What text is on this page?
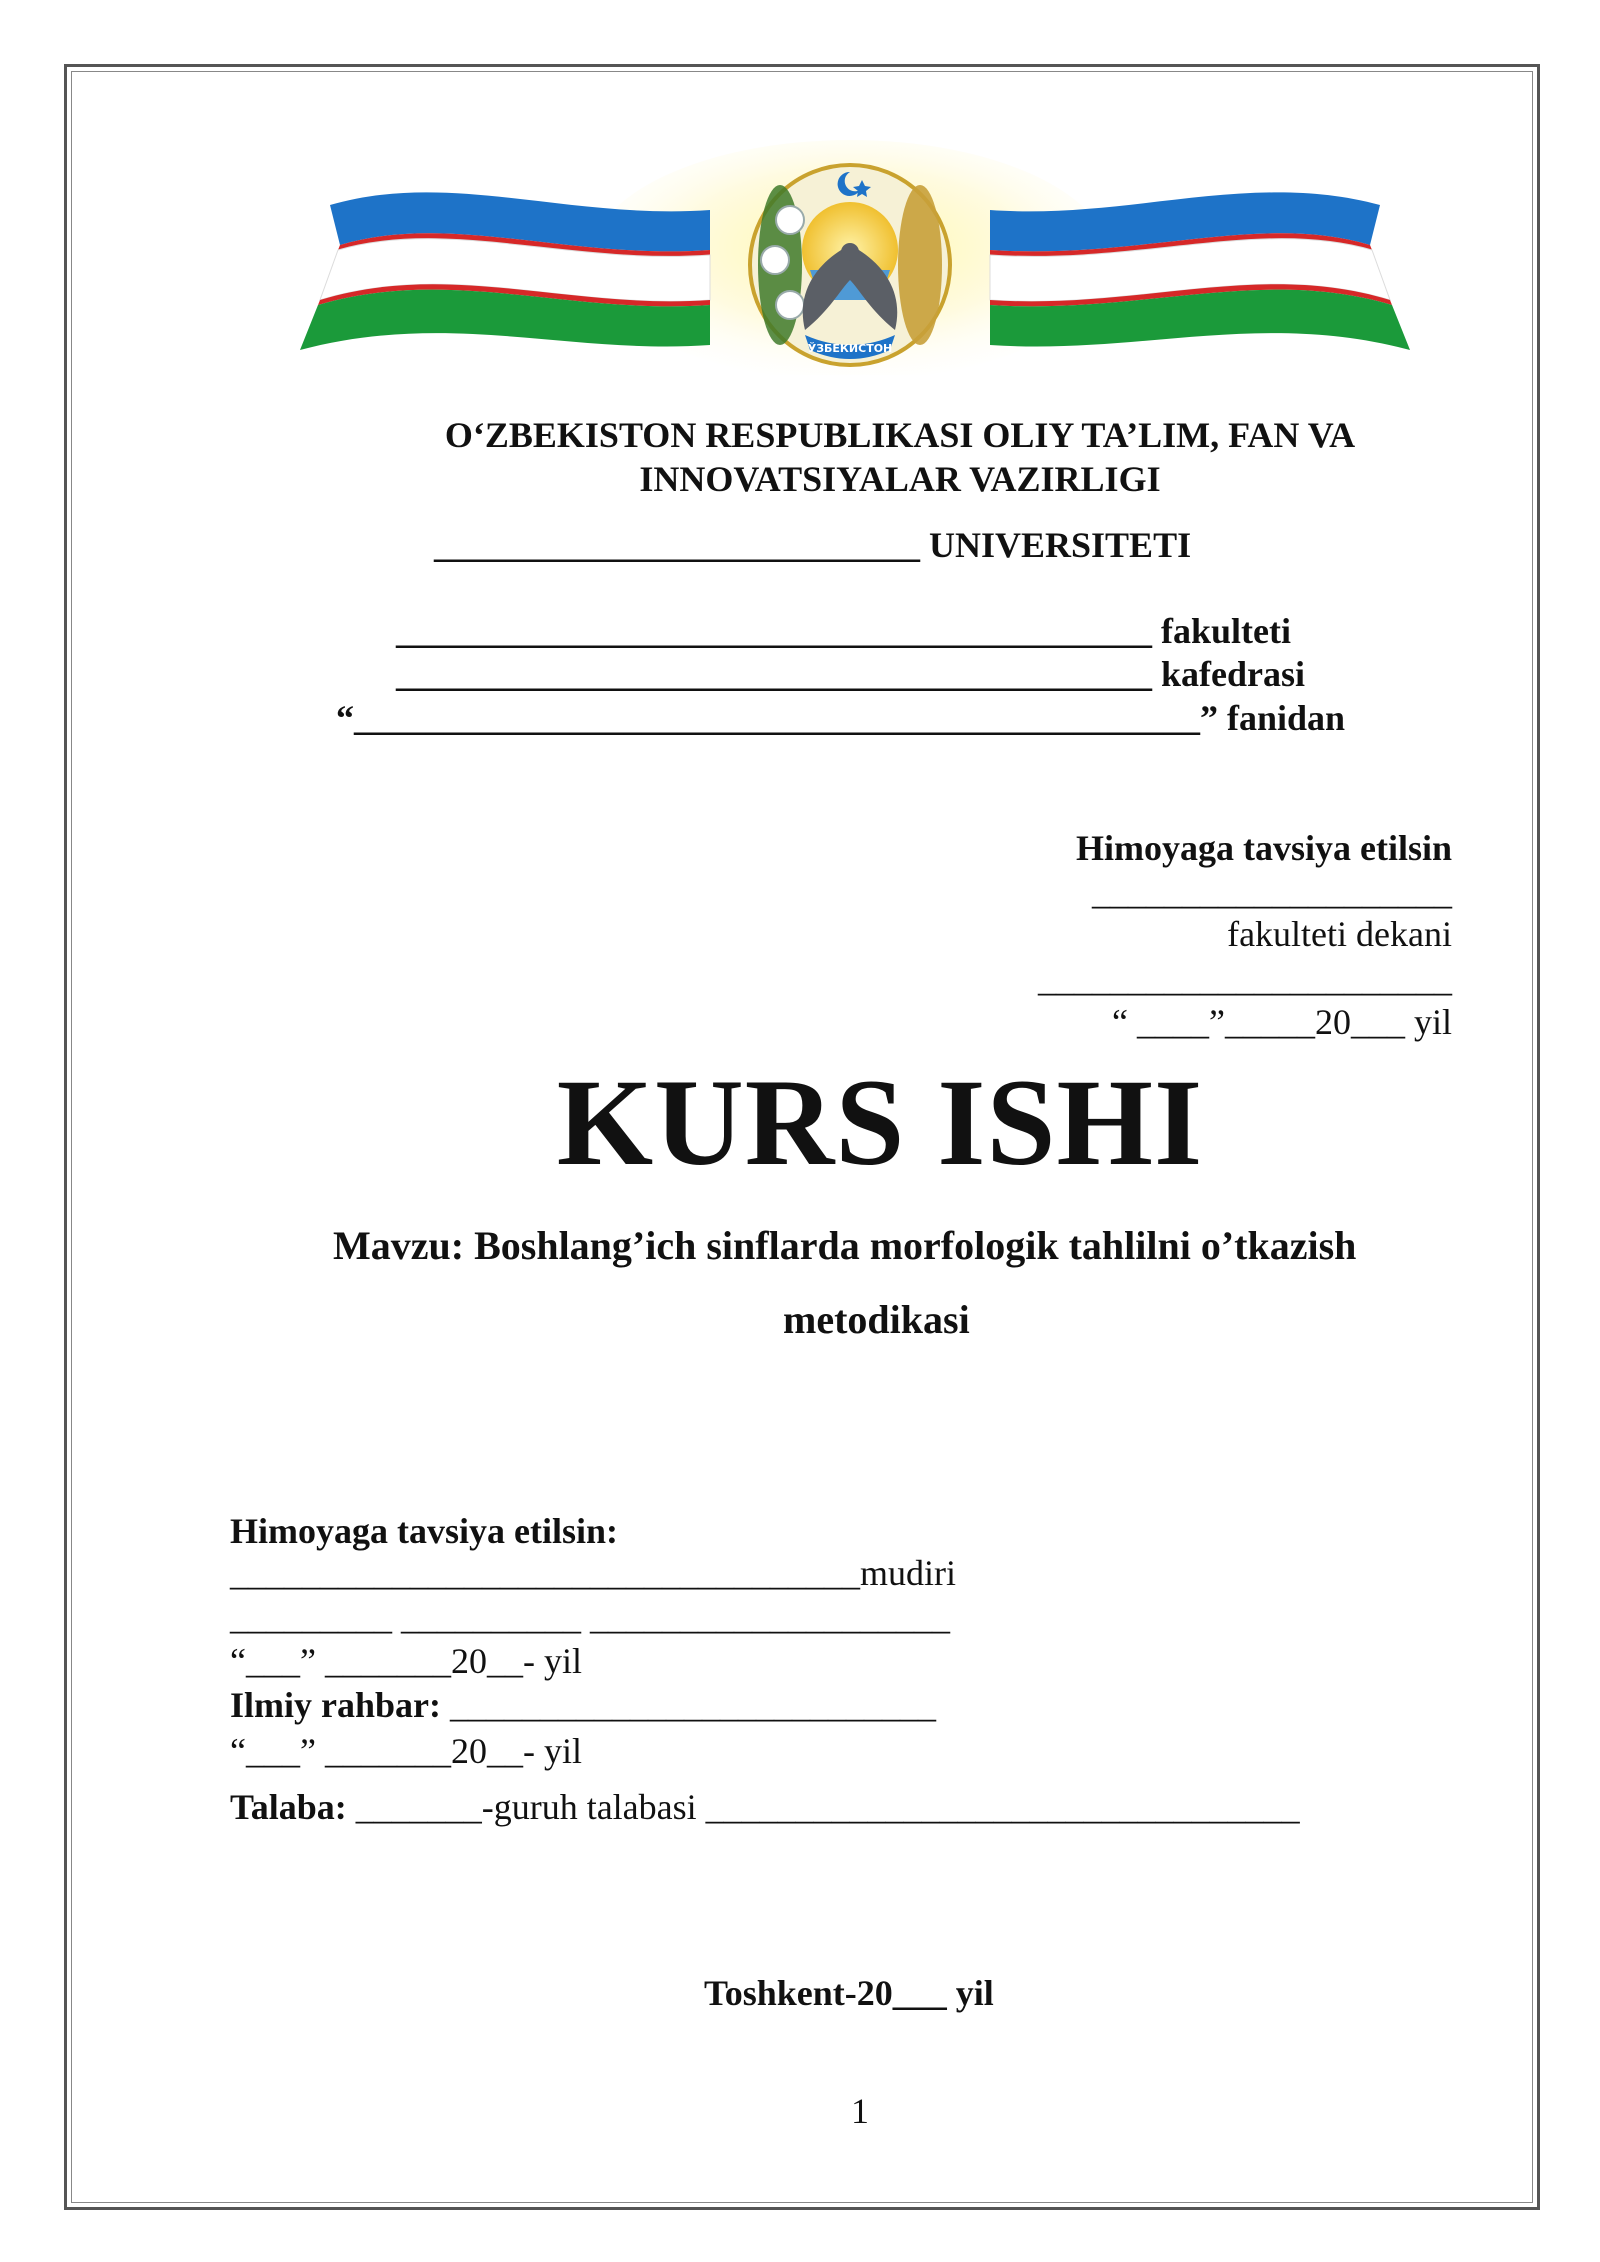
ЎЗБЕКИСТОН
O‘ZBEKISTON RESPUBLIKASI OLIY TA’LIM, FAN VA
INNOVATSIYALAR VAZIRLIGI
___________________________ UNIVERSITETI
__________________________________________ fakulteti
__________________________________________ kafedrasi
“_______________________________________________” fanidan
Himoyaga tavsiya etilsin
____________________
fakulteti dekani
_______________________
“ ____”_____20___ yil
KURS ISHI
Mavzu: Boshlang’ich sinflarda morfologik tahlilni o’tkazish
metodikasi
Himoyaga tavsiya etilsin:
___________________________________mudiri
_________ __________ ____________________
“___” _______20__- yil
Ilmiy rahbar: ___________________________
“___” _______20__- yil
Talaba: _______-guruh talabasi _________________________________
Toshkent-20___ yil
1
